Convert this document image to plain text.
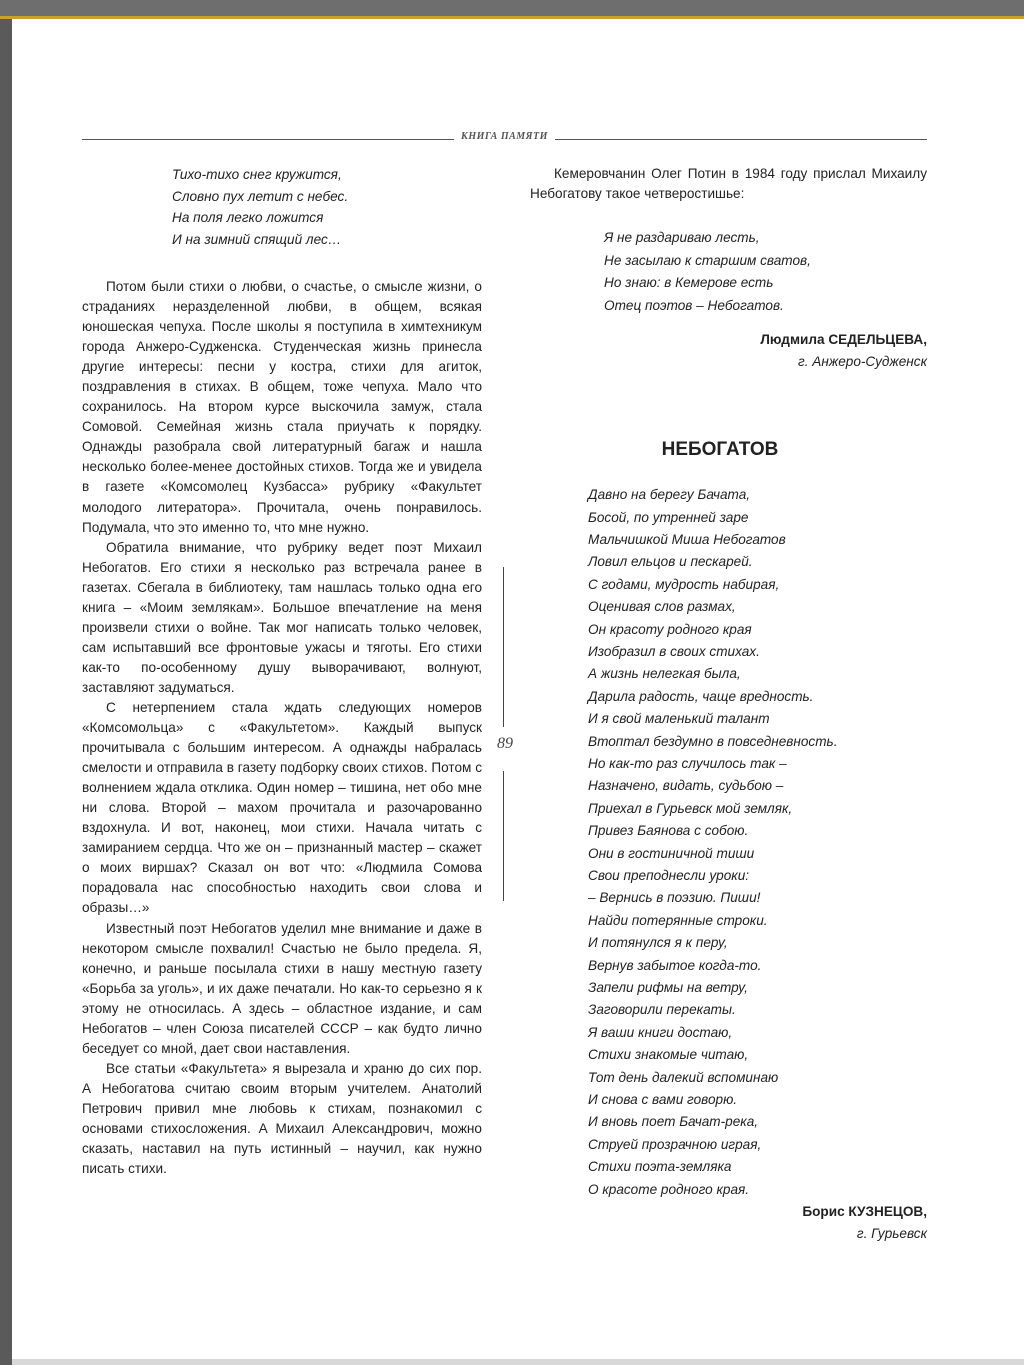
КНИГА ПАМЯТИ
Тихо-тихо снег кружится,
Словно пух летит с небес.
На поля легко ложится
И на зимний спящий лес…

Потом были стихи о любви, о счастье, о смысле жизни, о страданиях неразделенной любви, в общем, всякая юношеская чепуха. После школы я поступила в химтехникум города Анжеро-Судженска. Студенческая жизнь принесла другие интересы: песни у костра, стихи для агиток, поздравления в стихах. В общем, тоже чепуха. Мало что сохранилось. На втором курсе выскочила замуж, стала Сомовой. Семейная жизнь стала приучать к порядку. Однажды разобрала свой литературный багаж и нашла несколько более-менее достойных стихов. Тогда же и увидела в газете «Комсомолец Кузбасса» рубрику «Факультет молодого литератора». Прочитала, очень понравилось. Подумала, что это именно то, что мне нужно.

Обратила внимание, что рубрику ведет поэт Михаил Небогатов. Его стихи я несколько раз встречала ранее в газетах. Сбегала в библиотеку, там нашлась только одна его книга – «Моим землякам». Большое впечатление на меня произвели стихи о войне. Так мог написать только человек, сам испытавший все фронтовые ужасы и тяготы. Его стихи как-то по-особенному душу выворачивают, волнуют, заставляют задуматься.

С нетерпением стала ждать следующих номеров «Комсомольца» с «Факультетом». Каждый выпуск прочитывала с большим интересом. А однажды набралась смелости и отправила в газету подборку своих стихов. Потом с волнением ждала отклика. Один номер – тишина, нет обо мне ни слова. Второй – махом прочитала и разочарованно вздохнула. И вот, наконец, мои стихи. Начала читать с замиранием сердца. Что же он – признанный мастер – скажет о моих виршах? Сказал он вот что: «Людмила Сомова порадовала нас способностью находить свои слова и образы…»

Известный поэт Небогатов уделил мне внимание и даже в некотором смысле похвалил! Счастью не было предела. Я, конечно, и раньше посылала стихи в нашу местную газету «Борьба за уголь», и их даже печатали. Но как-то серьезно я к этому не относилась. А здесь – областное издание, и сам Небогатов – член Союза писателей СССР – как будто лично беседует со мной, дает свои наставления.

Все статьи «Факультета» я вырезала и храню до сих пор. А Небогатова считаю своим вторым учителем. Анатолий Петрович привил мне любовь к стихам, познакомил с основами стихосложения. А Михаил Александрович, можно сказать, наставил на путь истинный – научил, как нужно писать стихи.

89

Кемеровчанин Олег Потин в 1984 году прислал Михаилу Небогатову такое четверостишье:

Я не раздариваю лесть,
Не засылаю к старшим сватов,
Но знаю: в Кемерове есть
Отец поэтов – Небогатов.
Людмила СЕДЕЛЬЦЕВА,
г. Анжеро-Судженск
НЕБОГАТОВ
Давно на берегу Бачата,
Босой, по утренней заре
Мальчишкой Миша Небогатов
Ловил ельцов и пескарей.
С годами, мудрость набирая,
Оценивая слов размах,
Он красоту родного края
Изобразил в своих стихах.
А жизнь нелегкая была,
Дарила радость, чаще вредность.
И я свой маленький талант
Втоптал бездумно в повседневность.
Но как-то раз случилось так –
Назначено, видать, судьбою –
Приехал в Гурьевск мой земляк,
Привез Баянова с собою.
Они в гостиничной тиши
Свои преподнесли уроки:
– Вернись в поэзию. Пиши!
Найди потерянные строки.
И потянулся я к перу,
Вернув забытое когда-то.
Запели рифмы на ветру,
Заговорили перекаты.
Я ваши книги достаю,
Стихи знакомые читаю,
Тот день далекий вспоминаю
И снова с вами говорю.
И вновь поет Бачат-река,
Струей прозрачною играя,
Стихи поэта-земляка
О красоте родного края.
Борис КУЗНЕЦОВ,
г. Гурьевск
